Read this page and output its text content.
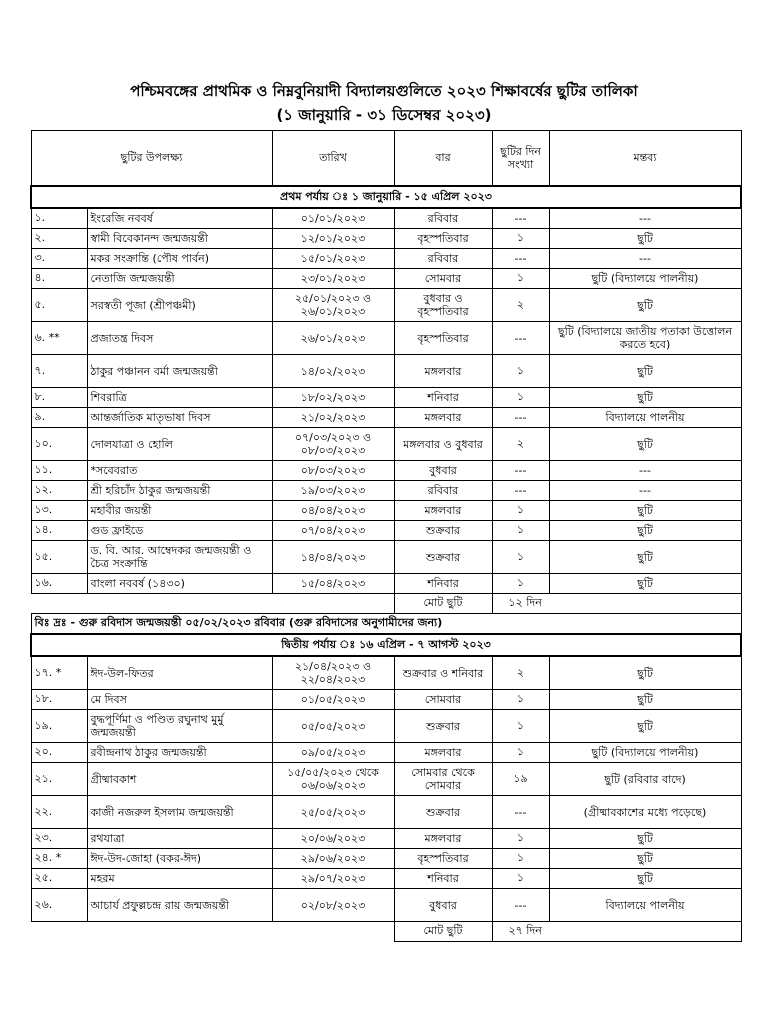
পশ্চিমবঙ্গের প্রাথমিক ও নিম্নবুনিয়াদী বিদ্যালয়গুলিতে ২০২৩ শিক্ষাবর্ষের ছুটির তালিকা
(১ জানুয়ারি - ৩১ ডিসেম্বর ২০২৩)
ছুটির উপলক্ষ্য		তারিখ	বার	ছুটির দিন সংখ্যা	মন্তব্য
প্রথম পর্যায় ঃ ১ জানুয়ারি - ১৫ এপ্রিল ২০২৩					
১.	ইংরেজি নববর্ষ	০১/০১/২০২৩	রবিবার	---	---
২.	স্বামী বিবেকানন্দ জন্মজয়ন্তী	১২/০১/২০২৩	বৃহস্পতিবার	১	ছুটি
৩.	মকর সংক্রান্তি (পৌষ পার্বন)	১৫/০১/২০২৩	রবিবার	---	---
৪.	নেতাজি জন্মজয়ন্তী	২৩/০১/২০২৩	সোমবার	১	ছুটি (বিদ্যালয়ে পালনীয়)
৫.	সরস্বতী পূজা (শ্রীপঞ্চমী)	২৫/০১/২০২৩ ও ২৬/০১/২০২৩	বুধবার ও বৃহস্পতিবার	২	ছুটি
৬. **	প্রজাতন্ত্র দিবস	২৬/০১/২০২৩	বৃহস্পতিবার	---	ছুটি (বিদ্যালয়ে জাতীয় পতাকা উত্তোলন করতে হবে)
৭.	ঠাকুর পঞ্চানন বর্মা জন্মজয়ন্তী	১৪/০২/২০২৩	মঙ্গলবার	১	ছুটি
৮.	শিবরাত্রি	১৮/০২/২০২৩	শনিবার	১	ছুটি
৯.	আন্তর্জাতিক মাতৃভাষা দিবস	২১/০২/২০২৩	মঙ্গলবার	---	বিদ্যালয়ে পালনীয়
১০.	দোলযাত্রা ও হোলি	০৭/০৩/২০২৩ ও ০৮/০৩/২০২৩	মঙ্গলবার ও বুধবার	২	ছুটি
১১.	*সবেবরাত	০৮/০৩/২০২৩	বুধবার	---	---
১২.	শ্রী হরিচাঁদ ঠাকুর জন্মজয়ন্তী	১৯/০৩/২০২৩	রবিবার	---	---
১৩.	মহাবীর জয়ন্তী	০৪/০৪/২০২৩	মঙ্গলবার	১	ছুটি
১৪.	গুড ফ্রাইডে	০৭/০৪/২০২৩	শুক্রবার	১	ছুটি
১৫.	ড. বি. আর. আম্বেদকর জন্মজয়ন্তী ও চৈত্র সংক্রান্তি	১৪/০৪/২০২৩	শুক্রবার	১	ছুটি
১৬.	বাংলা নববর্ষ (১৪৩০)	১৫/০৪/২০২৩	শনিবার	১	ছুটি
			মোট ছুটি	১২ দিন	
বিঃ দ্রঃ - গুরু রবিদাস জন্মজয়ন্তী ০৫/০২/২০২৩ রবিবার (গুরু রবিদাসের অনুগামীদের জন্য)					
দ্বিতীয় পর্যায় ঃ ১৬ এপ্রিল - ৭ আগস্ট ২০২৩					
১৭. *	ঈদ-উল-ফিতর	২১/০৪/২০২৩ ও ২২/০৪/২০২৩	শুক্রবার ও শনিবার	২	ছুটি
১৮.	মে দিবস	০১/০৫/২০২৩	সোমবার	১	ছুটি
১৯.	বুদ্ধপূর্ণিমা ও পণ্ডিত রঘুনাথ মুর্মু জন্মজয়ন্তী	০৫/০৫/২০২৩	শুক্রবার	১	ছুটি
২০.	রবীন্দ্রনাথ ঠাকুর জন্মজয়ন্তী	০৯/০৫/২০২৩	মঙ্গলবার	১	ছুটি (বিদ্যালয়ে পালনীয়)
২১.	গ্রীষ্মাবকাশ	১৫/০৫/২০২৩ থেকে ০৬/০৬/২০২৩	সোমবার থেকে সোমবার	১৯	ছুটি (রবিবার বাদে)
২২.	কাজী নজরুল ইসলাম জন্মজয়ন্তী	২৫/০৫/২০২৩	শুক্রবার	---	(গ্রীষ্মাবকাশের মধ্যে পড়েছে)
২৩.	রথযাত্রা	২০/০৬/২০২৩	মঙ্গলবার	১	ছুটি
২৪. *	ঈদ-উদ-জোহা (বকর-ঈদ)	২৯/০৬/২০২৩	বৃহস্পতিবার	১	ছুটি
২৫.	মহরম	২৯/০৭/২০২৩	শনিবার	১	ছুটি
২৬.	আচার্য প্রফুল্লচন্দ্র রায় জন্মজয়ন্তী	০২/০৮/২০২৩	বুধবার	---	বিদ্যালয়ে পালনীয়
			মোট ছুটি	২৭ দিন	
